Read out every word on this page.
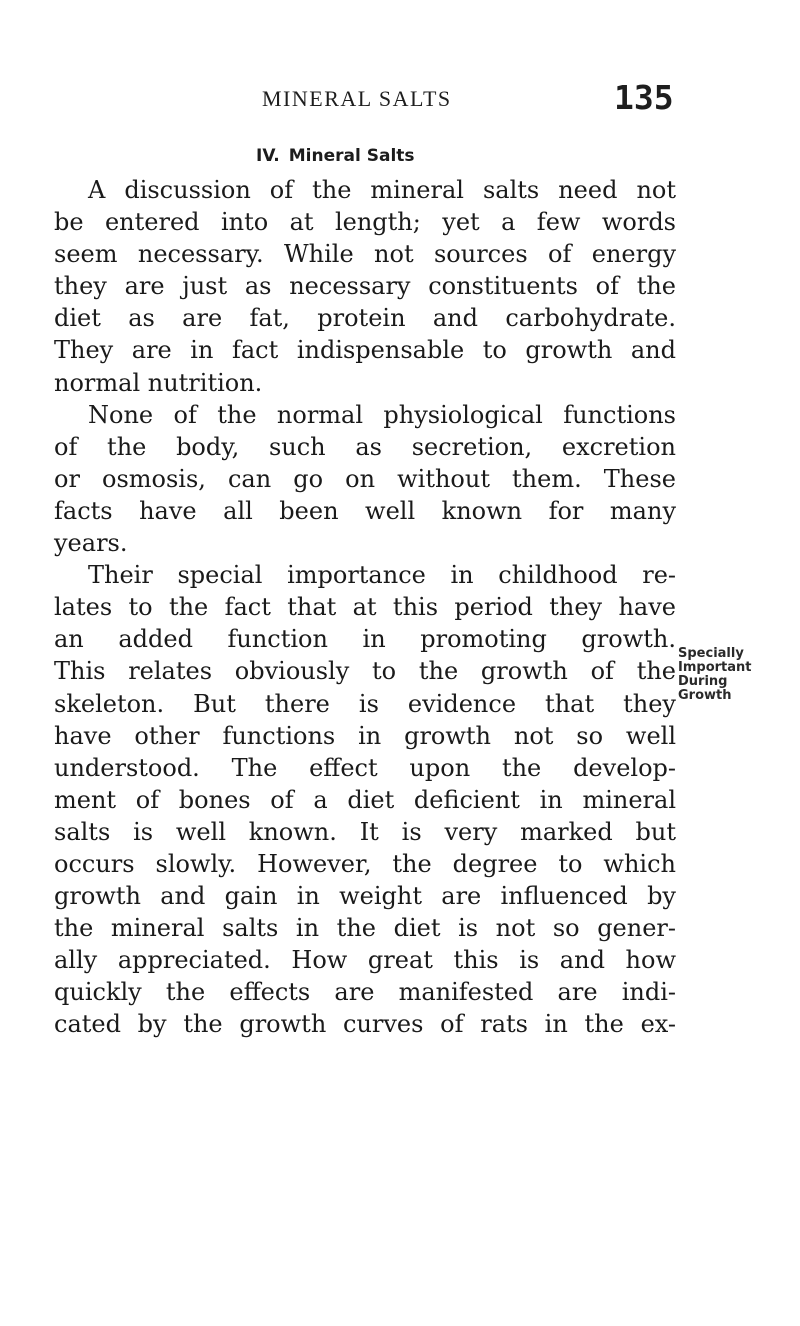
MINERAL SALTS	135
IV. Mineral Salts
A discussion of the mineral salts need not
be entered into at length; yet a few words
seem necessary. While not sources of energy
they are just as necessary constituents of the
diet as are fat, protein and carbohydrate.
They are in fact indispensable to growth and
normal nutrition.
None of the normal physiological functions
of the body, such as secretion, excretion
or osmosis, can go on without them. These
facts have all been well known for many
years.
Their special importance in childhood re-
lates to the fact that at this period they have
an added function in promoting growth.
This relates obviously to the growth of the
skeleton. But there is evidence that they
have other functions in growth not so well
understood. The effect upon the develop-
ment of bones of a diet deficient in mineral
salts is well known. It is very marked but
occurs slowly. However, the degree to which
growth and gain in weight are influenced by
the mineral salts in the diet is not so gener-
ally appreciated. How great this is and how
quickly the effects are manifested are indi-
cated by the growth curves of rats in the ex-
Specially
Important
During
Growth
